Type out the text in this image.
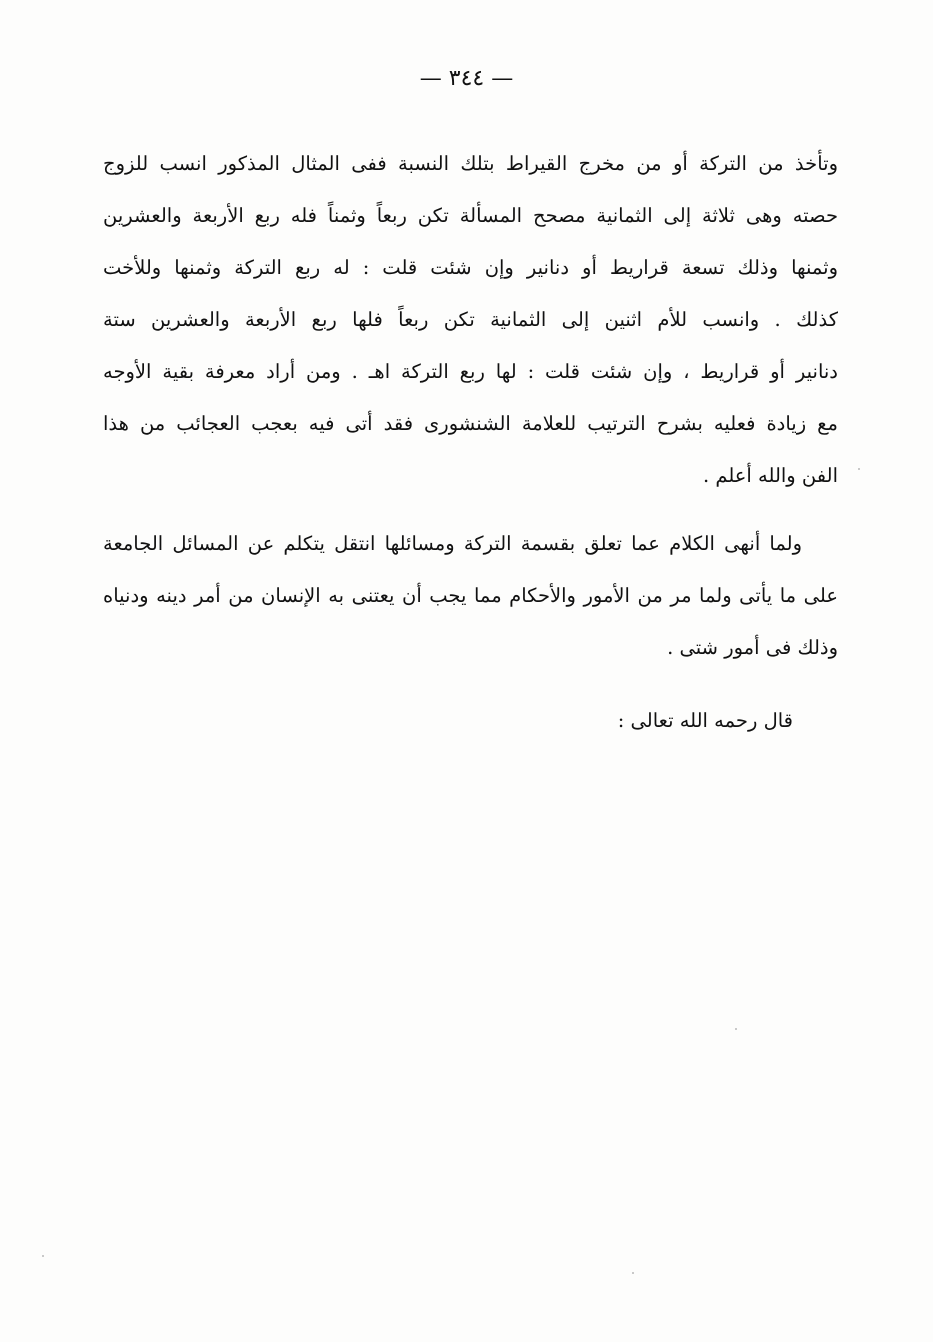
— ٣٤٤ —
وتأخذ من التركة أو من مخرج القيراط بتلك النسبة ففى المثال المذكور انسب للزوج
حصته وهى ثلاثة إلى الثمانية مصحح المسألة تكن ربعاً وثمناً فله ربع الأربعة والعشرين
وثمنها وذلك تسعة قراريط أو دنانير وإن شئت قلت : له ربع التركة وثمنها وللأخت
كذلك . وانسب للأم اثنين إلى الثمانية تكن ربعاً فلها ربع الأربعة والعشرين ستة
دنانير أو قراريط ، وإن شئت قلت : لها ربع التركة اهـ . ومن أراد معرفة بقية الأوجه
مع زيادة فعليه بشرح الترتيب للعلامة الشنشورى فقد أتى فيه بعجب العجائب من هذا
الفن والله أعلم .
ولما أنهى الكلام عما تعلق بقسمة التركة ومسائلها انتقل يتكلم عن المسائل الجامعة
على ما يأتى ولما مر من الأمور والأحكام مما يجب أن يعتنى به الإنسان من أمر دينه ودنياه
وذلك فى أمور شتى .
قال رحمه الله تعالى :
